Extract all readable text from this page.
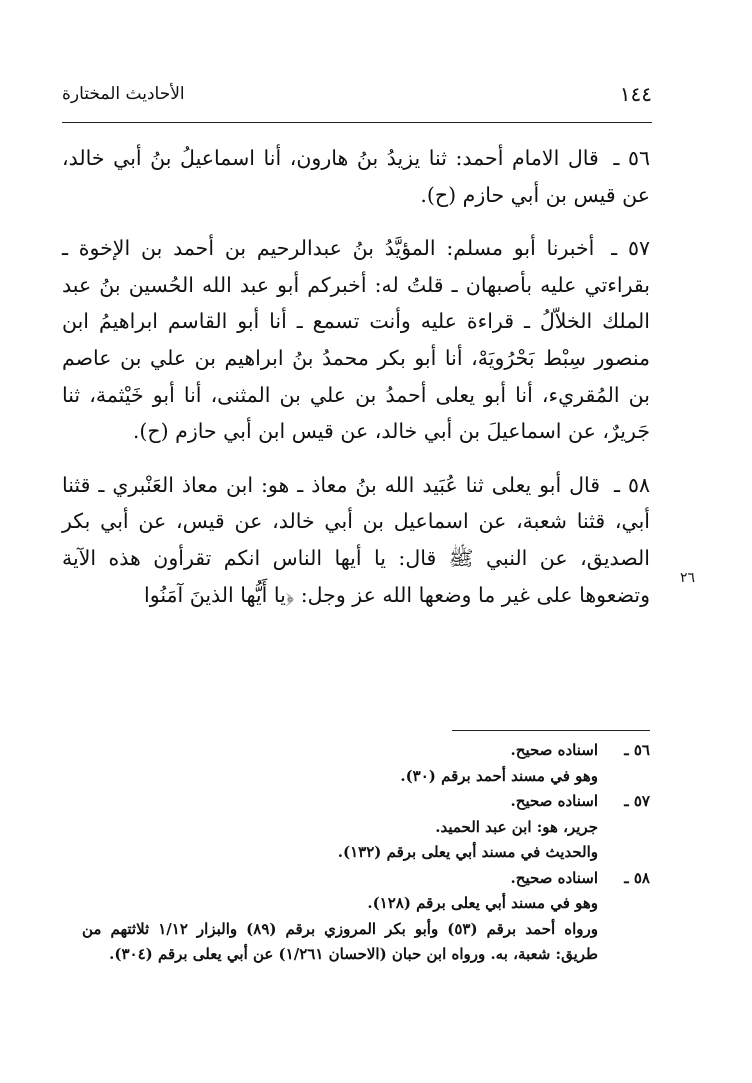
١٤٤
الأحاديث المختارة

٥٦ ـ قال الامام أحمد: ثنا يزيدُ بنُ هارون، أنا اسماعيلُ بنُ أبي خالد، عن قيس بن أبي حازم (ح).

٥٧ ـ أخبرنا أبو مسلم: المؤيَّدُ بنُ عبدالرحيم بن أحمد بن الإخوة ـ بقراءتي عليه بأصبهان ـ قلتُ له: أخبركم أبو عبد الله الحُسين بنُ عبد الملك الخلاّلُ ـ قراءة عليه وأنت تسمع ـ أنا أبو القاسم ابراهيمُ ابن منصور سِبْط بَحْرُويَهْ، أنا أبو بكر محمدُ بنُ ابراهيم بن علي بن عاصم بن المُقريء، أنا أبو يعلى أحمدُ بن علي بن المثنى، أنا أبو خَيْثمة، ثنا جَريرٌ، عن اسماعيلَ بن أبي خالد، عن قيس ابن أبي حازم (ح).

٥٨ ـ قال أبو يعلى ثنا عُبَيد الله بنُ معاذ ـ هو: ابن معاذ العَنْبري ـ قثنا أبي، قثنا شعبة، عن اسماعيل بن أبي خالد، عن قيس، عن أبي بكر الصديق، عن النبي ﷺ قال: يا أيها الناس انكم تقرأون هذه الآية وتضعوها على غير ما وضعها الله عز وجل: ﴿يا أَيُّها الذينَ آمَنُوا

٢٦
٥٦ ـاسناده صحيح.
وهو في مسند أحمد برقم (٣٠).
٥٧ ـاسناده صحيح.
جرير، هو: ابن عبد الحميد.
والحديث في مسند أبي يعلى برقم (١٣٢).
٥٨ ـاسناده صحيح.
وهو في مسند أبي يعلى برقم (١٢٨).
ورواه أحمد برقم (٥٣) وأبو بكر المروزي برقم (٨٩) والبزار ١/١٢ ثلاثتهم من طريق: شعبة، به. ورواه ابن حبان (الاحسان ١/٢٦١) عن أبي يعلى برقم (٣٠٤).
